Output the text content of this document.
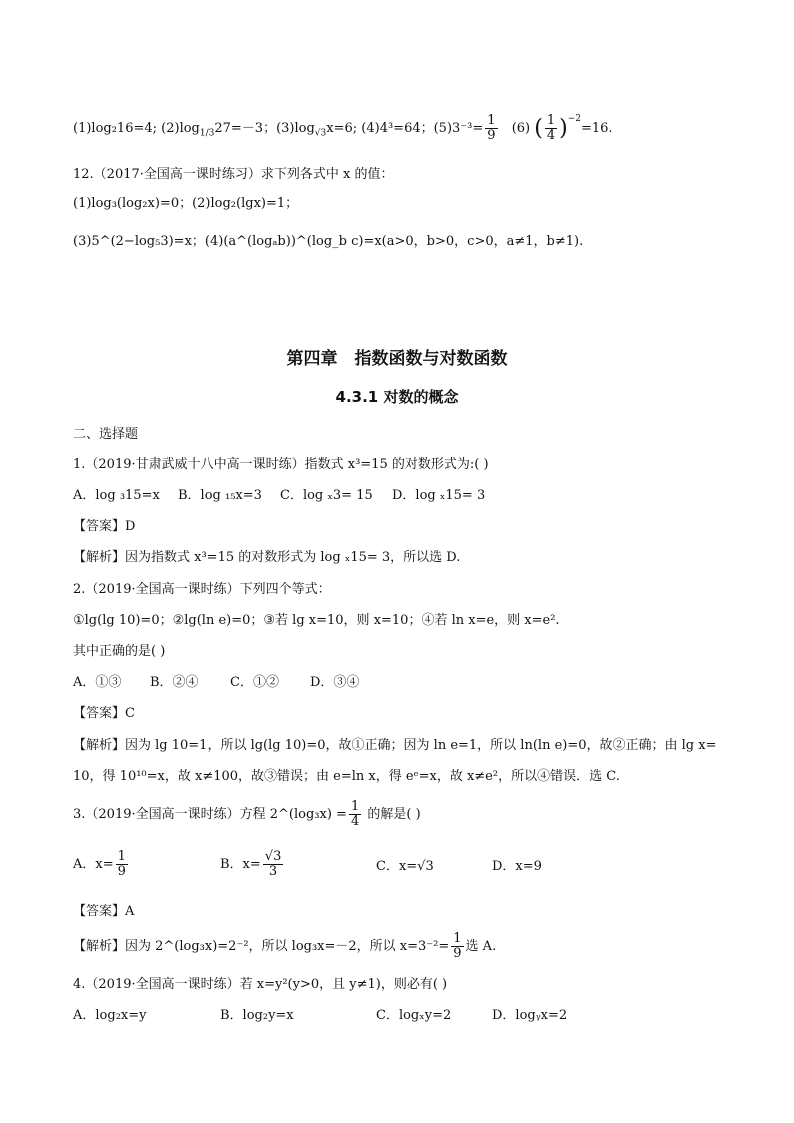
(1)log₂16=4; $(2)\log_{1/3}27=-3$；$(3)\log_{√3}x=6$; (4)4³=64；$(5)3^{-3}= \frac{1}{9} (6)$ ( $\frac{1}{4} )^{-2}=16$.
12.（2017·全国高一课时练习）求下列各式中 x 的值：
(1)log₃(log₂x)=0；(2)log₂(lgx)=1；
(3)5^(2−log₅3)=x；(4)(a^(logₐb))^(log_b c)=x(a>0，b>0，c>0，a≠1，b≠1).
第四章　指数函数与对数函数
4.3.1 对数的概念
二、选择题
1.（2019·甘肃武威十八中高一课时练）指数式 x³=15 的对数形式为:( )
A．log ₃15=x B．log ₁₅x=3 C．log ₓ3= 15 D．log ₓ15= 3
【答案】D
【解析】因为指数式 x³=15 的对数形式为 log ₓ15= 3，所以选 D.
2.（2019·全国高一课时练）下列四个等式：
①lg(lg 10)=0；②lg(ln e)=0；③若 lg x=10，则 x=10；④若 ln x=e，则 x=e².
其中正确的是( )
A．①③ B．②④ C．①② D．③④
【答案】C
【解析】因为 lg 10=1，所以 lg(lg 10)=0，故①正确；因为 ln e=1，所以 ln(ln e)=0，故②正确；由 lg x=
10，得 10¹⁰=x，故 x≠100，故③错误；由 e=ln x，得 eᵉ=x，故 x≠e²，所以④错误．选 C.
3.（2019·全国高一课时练）方程 2^(log₃x) = $\frac{1}{4}$ 的解是( )
A．$x= \frac{1}{9}$	B．$x= \frac{√3}{3}$	C．x=√3	D．x=9
【答案】A
【解析】因为 2^(log₃x)=2⁻²，所以 log₃x=－2，所以 $x=3^{-2}= \frac{1}{9}$ 选 A.
4.（2019·全国高一课时练）若 x=y²(y>0，且 y≠1)，则必有( )
A．log₂x=y	B．log₂y=x	C．logₓy=2	D．logᵧx=2
